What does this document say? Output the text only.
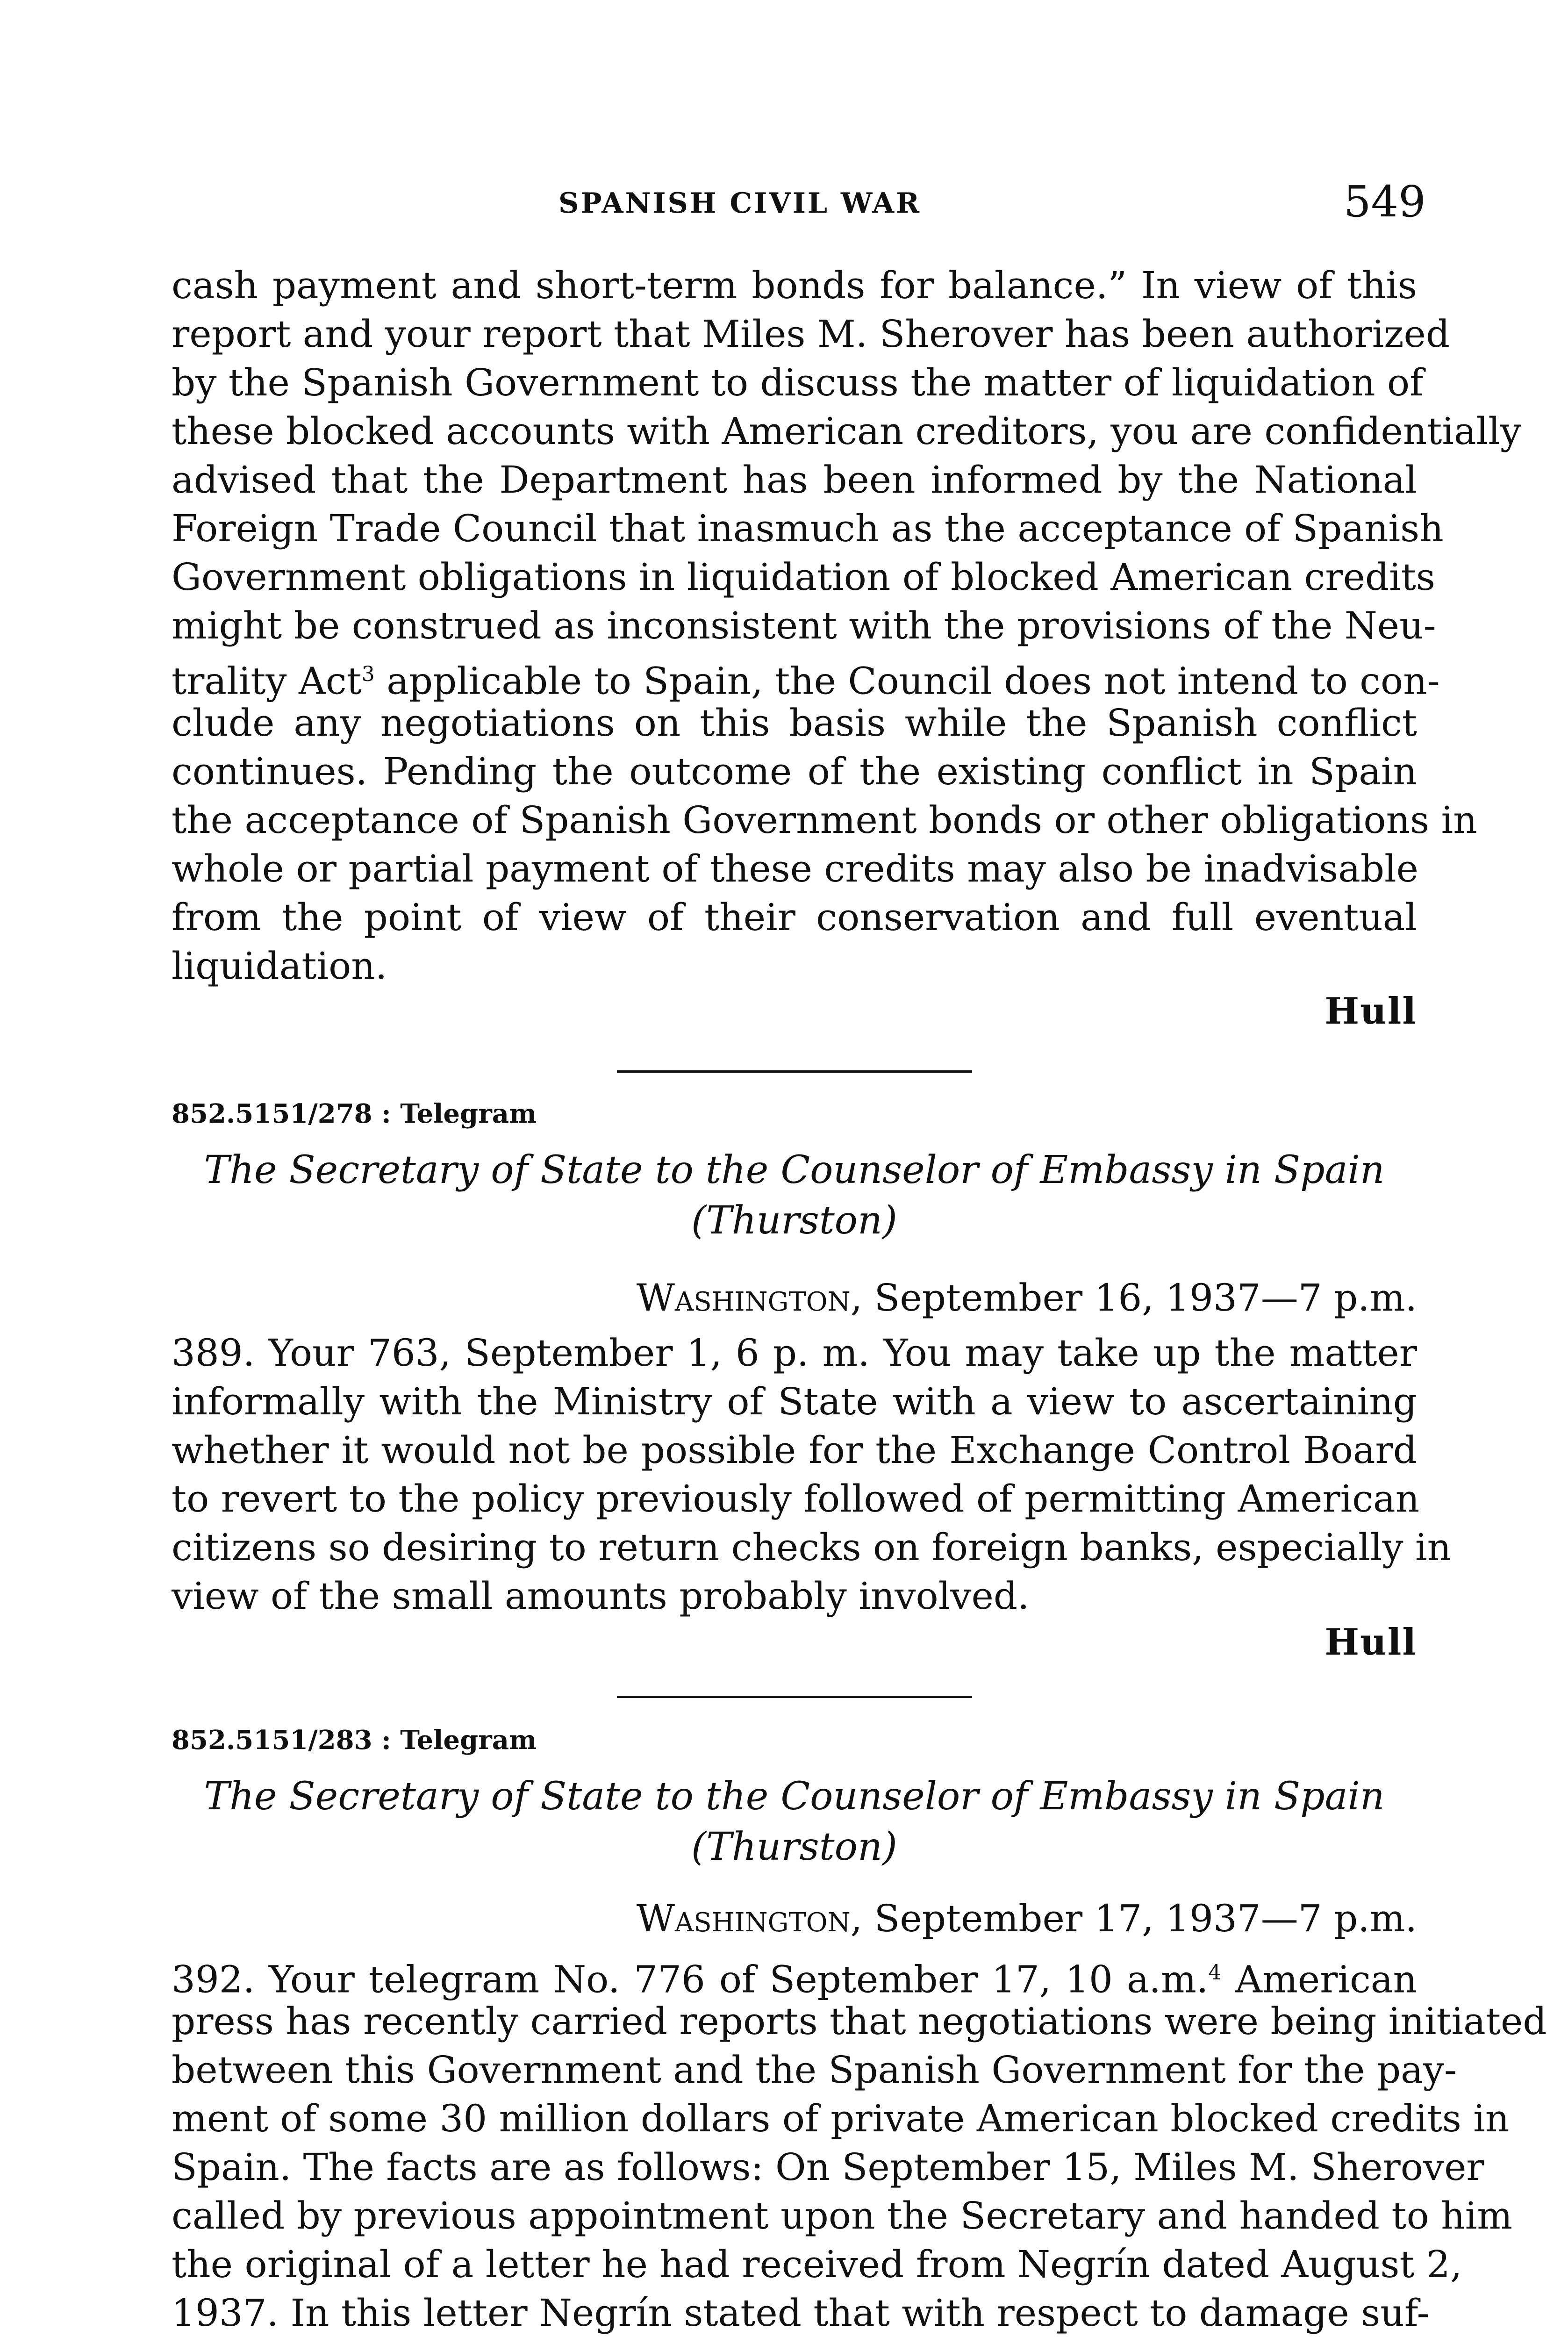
SPANISH CIVIL WAR	549
cash payment and short-term bonds for balance.” In view of this
report and your report that Miles M. Sherover has been authorized
by the Spanish Government to discuss the matter of liquidation of
these blocked accounts with American creditors, you are confidentially
advised that the Department has been informed by the National
Foreign Trade Council that inasmuch as the acceptance of Spanish
Government obligations in liquidation of blocked American credits
might be construed as inconsistent with the provisions of the Neu-
trality Act$^3$ applicable to Spain, the Council does not intend to con-
clude any negotiations on this basis while the Spanish conflict
continues. Pending the outcome of the existing conflict in Spain
the acceptance of Spanish Government bonds or other obligations in
whole or partial payment of these credits may also be inadvisable
from the point of view of their conservation and full eventual
liquidation.
Hull
852.5151/278 : Telegram
The Secretary of State to the Counselor of Embassy in Spain
(Thurston)
Washington, September 16, 1937—7 p.m.
389. Your 763, September 1, 6 p. m. You may take up the matter
informally with the Ministry of State with a view to ascertaining
whether it would not be possible for the Exchange Control Board
to revert to the policy previously followed of permitting American
citizens so desiring to return checks on foreign banks, especially in
view of the small amounts probably involved.
Hull
852.5151/283 : Telegram
The Secretary of State to the Counselor of Embassy in Spain
(Thurston)
Washington, September 17, 1937—7 p.m.
392. Your telegram No. 776 of September 17, 10 a.m.$^4$ American
press has recently carried reports that negotiations were being initiated
between this Government and the Spanish Government for the pay-
ment of some 30 million dollars of private American blocked credits in
Spain. The facts are as follows: On September 15, Miles M. Sherover
called by previous appointment upon the Secretary and handed to him
the original of a letter he had received from Negrín dated August 2,
1937. In this letter Negrín stated that with respect to damage suf-
